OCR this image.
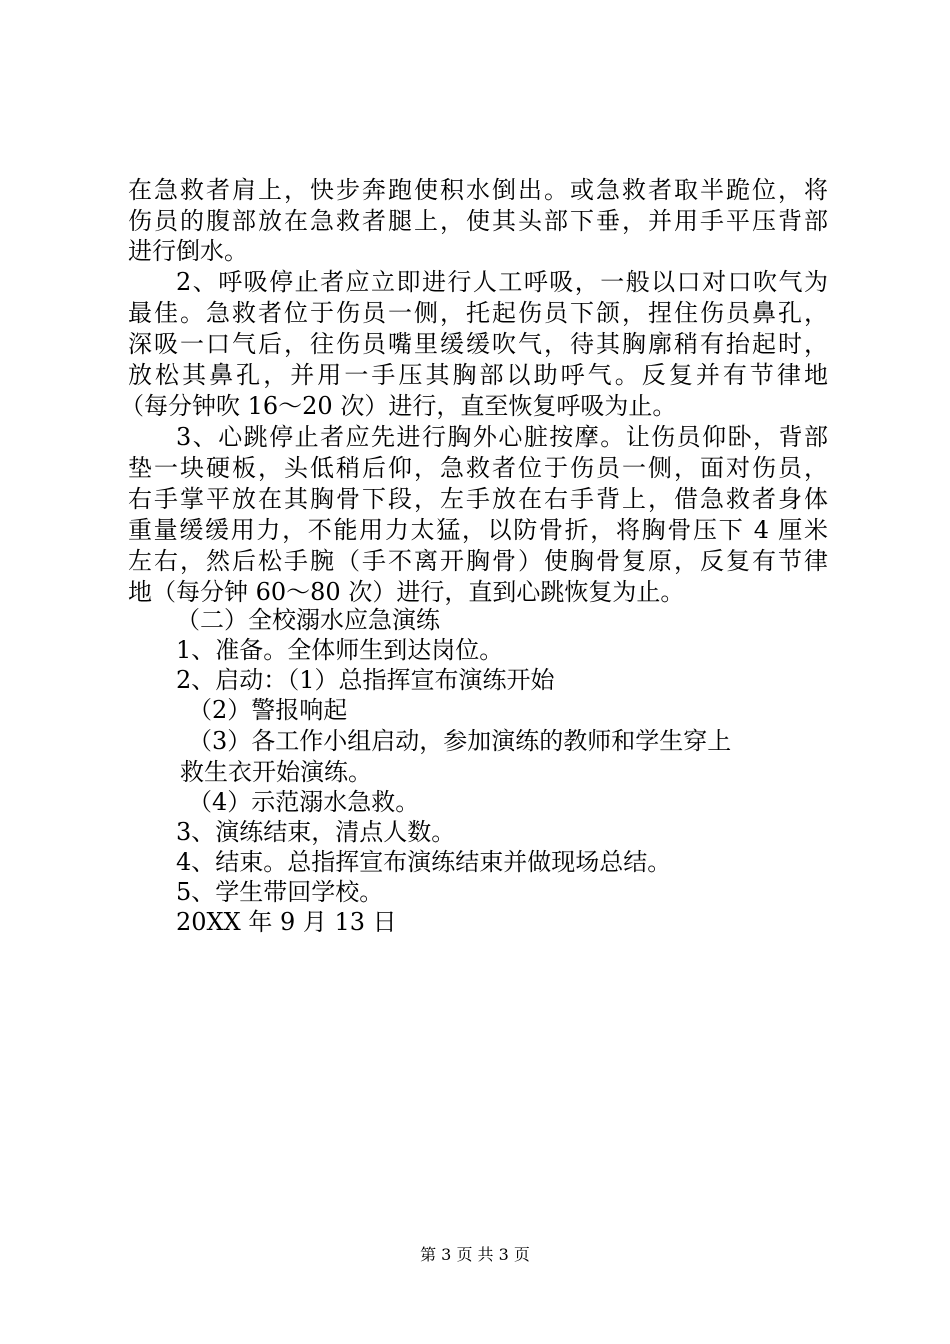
在急救者肩上，快步奔跑使积水倒出。或急救者取半跪位，将
伤员的腹部放在急救者腿上，使其头部下垂，并用手平压背部
进行倒水。
2、呼吸停止者应立即进行人工呼吸，一般以口对口吹气为
最佳。急救者位于伤员一侧，托起伤员下颌，捏住伤员鼻孔，
深吸一口气后，往伤员嘴里缓缓吹气，待其胸廓稍有抬起时，
放松其鼻孔，并用一手压其胸部以助呼气。反复并有节律地
（每分钟吹 16～20 次）进行，直至恢复呼吸为止。
3、心跳停止者应先进行胸外心脏按摩。让伤员仰卧，背部
垫一块硬板，头低稍后仰，急救者位于伤员一侧，面对伤员，
右手掌平放在其胸骨下段，左手放在右手背上，借急救者身体
重量缓缓用力，不能用力太猛，以防骨折，将胸骨压下 4 厘米
左右，然后松手腕（手不离开胸骨）使胸骨复原，反复有节律
地（每分钟 60～80 次）进行，直到心跳恢复为止。
（二）全校溺水应急演练
1、准备。全体师生到达岗位。
2、启动：（1）总指挥宣布演练开始
（2）警报响起
（3）各工作小组启动，参加演练的教师和学生穿上
救生衣开始演练。
（4）示范溺水急救。
3、演练结束，清点人数。
4、结束。总指挥宣布演练结束并做现场总结。
5、学生带回学校。
20XX 年 9 月 13 日
第 3 页 共 3 页
